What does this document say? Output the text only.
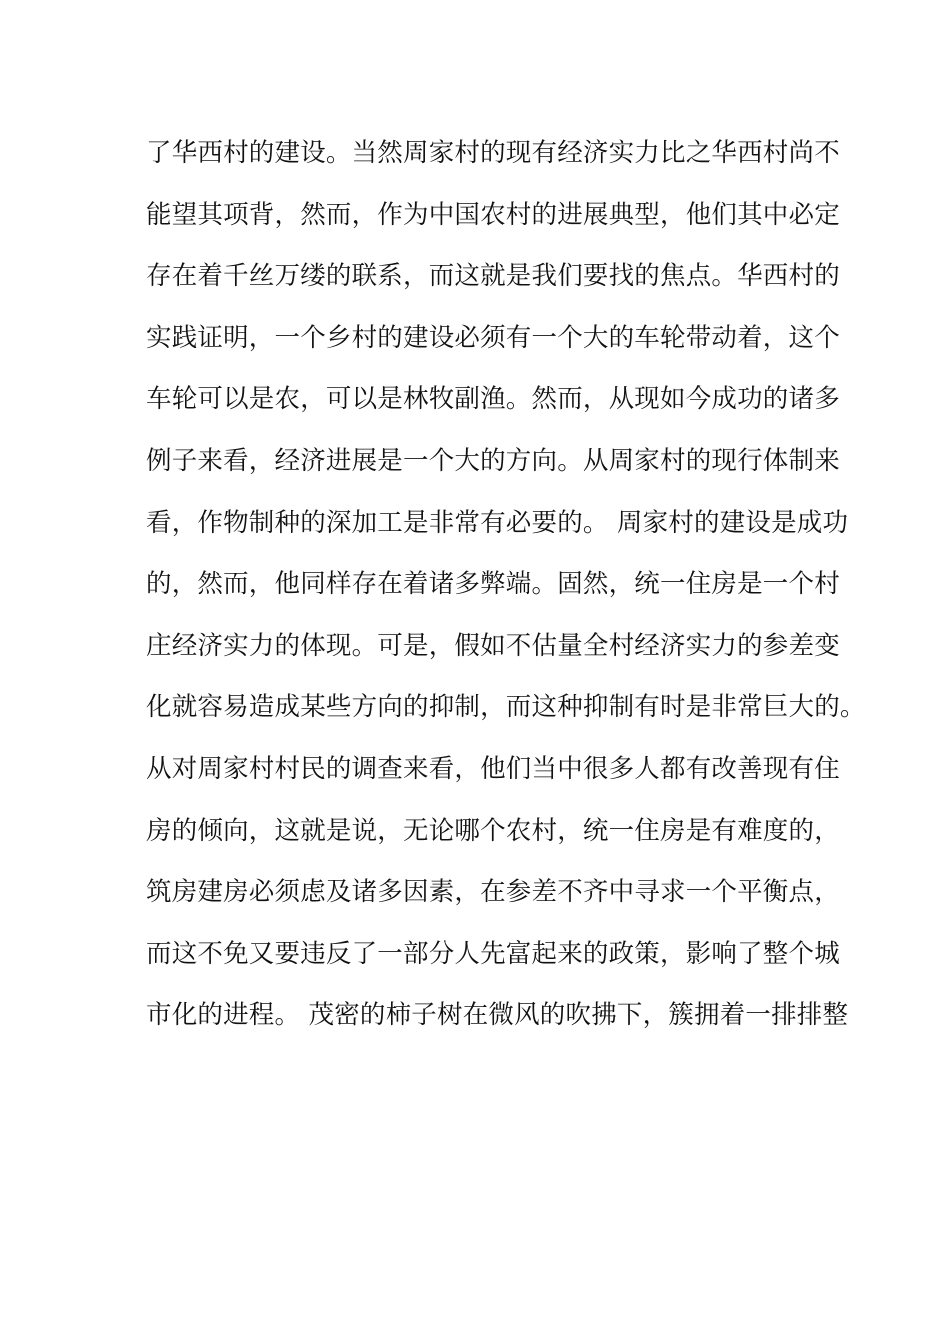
了华西村的建设。当然周家村的现有经济实力比之华西村尚不
能望其项背，然而，作为中国农村的进展典型，他们其中必定
存在着千丝万缕的联系，而这就是我们要找的焦点。华西村的
实践证明，一个乡村的建设必须有一个大的车轮带动着，这个
车轮可以是农，可以是林牧副渔。然而，从现如今成功的诸多
例子来看，经济进展是一个大的方向。从周家村的现行体制来
看，作物制种的深加工是非常有必要的。 周家村的建设是成功
的，然而，他同样存在着诸多弊端。固然，统一住房是一个村
庄经济实力的体现。可是，假如不估量全村经济实力的参差变
化就容易造成某些方向的抑制，而这种抑制有时是非常巨大的。
从对周家村村民的调查来看，他们当中很多人都有改善现有住
房的倾向，这就是说，无论哪个农村，统一住房是有难度的，
筑房建房必须虑及诸多因素，在参差不齐中寻求一个平衡点，
而这不免又要违反了一部分人先富起来的政策，影响了整个城
市化的进程。 茂密的柿子树在微风的吹拂下，簇拥着一排排整
